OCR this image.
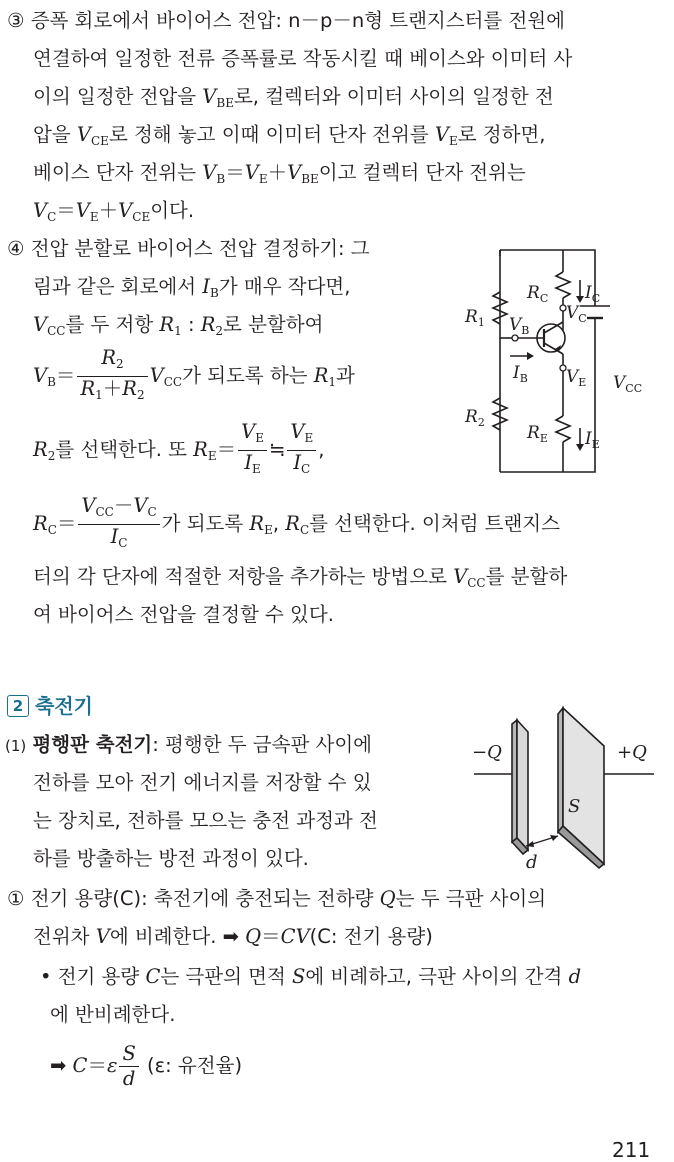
③ 증폭 회로에서 바이어스 전압: n－p－n형 트랜지스터를 전원에
연결하여 일정한 전류 증폭률로 작동시킬 때 베이스와 이미터 사
이의 일정한 전압을 $V_{BE}$로, 컬렉터와 이미터 사이의 일정한 전
압을 $V_{CE}$로 정해 놓고 이때 이미터 단자 전위를 $V_E$로 정하면,
베이스 단자 전위는 $V_B=V_E+V_{BE}$이고 컬렉터 단자 전위는
$V_C=V_E+V_{CE}$이다.
④ 전압 분할로 바이어스 전압 결정하기: 그
림과 같은 회로에서 $I_B$가 매우 작다면,
$V_{CC}$를 두 저항 $R_1$ : $R_2$로 분할하여
$V_B= \frac{R_2}{R_1+R_2} V_{CC}$가 되도록 하는 $R_1$과
$R_2$를 선택한다. 또 $R_E= \frac{V_E}{I_E}$ ≒ $\frac{V_E}{I_C}$ ,
$R_C= \frac{V_{CC}-V_C}{I_C}$ 가 되도록 $R_E$, $R_C$를 선택한다. 이처럼 트랜지스
터의 각 단자에 적절한 저항을 추가하는 방법으로 $V_{CC}$를 분할하
여 바이어스 전압을 결정할 수 있다.
$R_1$
$R_2$
$R_C$
$R_E$
$I_C$
$I_E$
$V_C$
$V_E$
$V_B$
$I_B$	$V_{CC}$
2 축전기
(1) 평행판 축전기: 평행한 두 금속판 사이에
전하를 모아 전기 에너지를 저장할 수 있
는 장치로, 전하를 모으는 충전 과정과 전
하를 방출하는 방전 과정이 있다.
−Q	+Q
S
d
① 전기 용량(C): 축전기에 충전되는 전하량 Q는 두 극판 사이의
전위차 V에 비례한다. ➡ Q＝CV(C: 전기 용량)
• 전기 용량 C는 극판의 면적 S에 비례하고, 극판 사이의 간격 d
에 반비례한다.
➡ $C=\varepsilon \frac{S}{d} (\varepsilon$: 유전율)
211
